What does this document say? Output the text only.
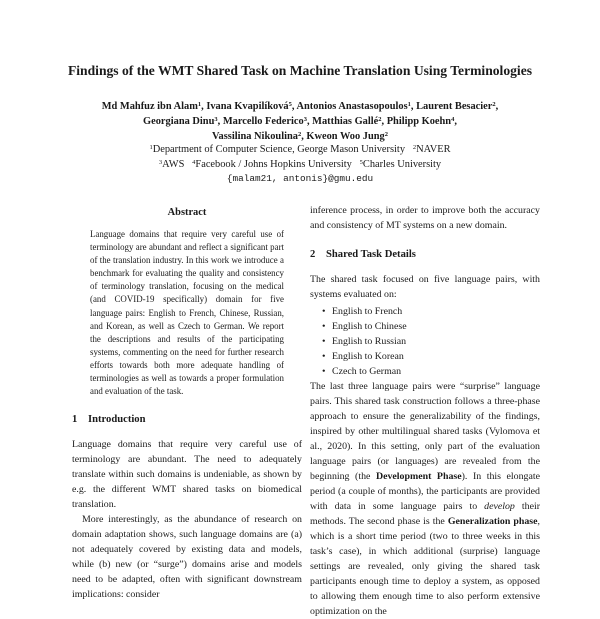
Findings of the WMT Shared Task on Machine Translation Using Terminologies
Md Mahfuz ibn Alam$^1$, Ivana Kvapilíková$^5$, Antonios Anastasopoulos$^1$, Laurent Besacier$^2$,
Georgiana Dinu$^3$, Marcello Federico$^3$, Matthias Gallé$^2$, Philipp Koehn$^4$,
Vassilina Nikoulina$^2$, Kweon Woo Jung$^2$
$^1$Department of Computer Science, George Mason University $^2$NAVER
$^3$AWS $^4$Facebook / Johns Hopkins University $^5$Charles University
{malam21, antonis}@gmu.edu
Abstract

Language domains that require very careful use of terminology are abundant and reflect a significant part of the translation industry. In this work we introduce a benchmark for evaluating the quality and consistency of terminology translation, focusing on the medical (and COVID-19 specifically) domain for five language pairs: English to French, Chinese, Russian, and Korean, as well as Czech to German. We report the descriptions and results of the participating systems, commenting on the need for further research efforts towards both more adequate handling of terminologies as well as towards a proper formulation and evaluation of the task.

1 Introduction

Language domains that require very careful use of terminology are abundant. The need to adequately translate within such domains is undeniable, as shown by e.g. the different WMT shared tasks on biomedical translation.

More interestingly, as the abundance of research on domain adaptation shows, such language domains are (a) not adequately covered by existing data and models, while (b) new (or “surge”) domains arise and models need to be adapted, often with significant downstream implications: consider

inference process, in order to improve both the accuracy and consistency of MT systems on a new domain.

2 Shared Task Details

The shared task focused on five language pairs, with systems evaluated on:

• English to French
• English to Chinese
• English to Russian
• English to Korean
• Czech to German

The last three language pairs were “surprise” language pairs. This shared task construction follows a three-phase approach to ensure the generalizability of the findings, inspired by other multilingual shared tasks (Vylomova et al., 2020). In this setting, only part of the evaluation language pairs (or languages) are revealed from the beginning (the Development Phase). In this elongate period (a couple of months), the participants are provided with data in some language pairs to develop their methods. The second phase is the Generalization phase, which is a short time period (two to three weeks in this task’s case), in which additional (surprise) language settings are revealed, only giving the shared task participants enough time to deploy a system, as opposed to allowing them enough time to also perform extensive optimization on the
